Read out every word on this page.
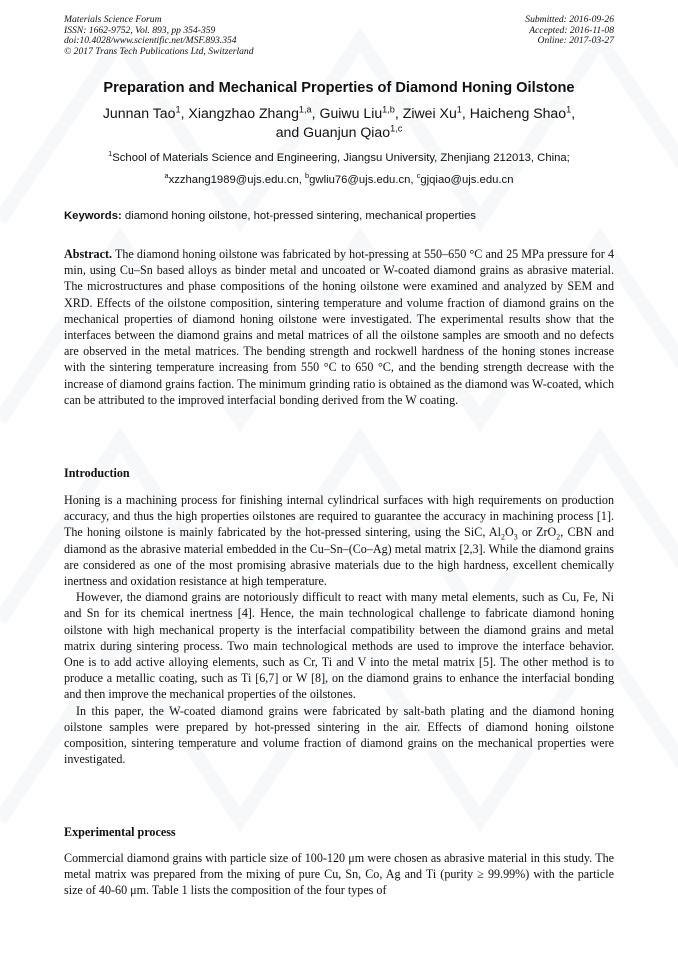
Materials Science Forum
ISSN: 1662-9752, Vol. 893, pp 354-359
doi:10.4028/www.scientific.net/MSF.893.354
© 2017 Trans Tech Publications Ltd, Switzerland
Submitted: 2016-09-26
Accepted: 2016-11-08
Online: 2017-03-27
Preparation and Mechanical Properties of Diamond Honing Oilstone
Junnan Tao$^1$, Xiangzhao Zhang$^{1,a}$, Guiwu Liu$^{1,b}$, Ziwei Xu$^1$, Haicheng Shao$^1$,
and Guanjun Qiao$^{1,c}$
$^1$School of Materials Science and Engineering, Jiangsu University, Zhenjiang 212013, China;
$^a$xzzhang1989@ujs.edu.cn, $^b$gwliu76@ujs.edu.cn, $^c$gjqiao@ujs.edu.cn
Keywords: diamond honing oilstone, hot-pressed sintering, mechanical properties

Abstract. The diamond honing oilstone was fabricated by hot-pressing at 550–650 °C and 25 MPa pressure for 4 min, using Cu–Sn based alloys as binder metal and uncoated or W-coated diamond grains as abrasive material. The microstructures and phase compositions of the honing oilstone were examined and analyzed by SEM and XRD. Effects of the oilstone composition, sintering temperature and volume fraction of diamond grains on the mechanical properties of diamond honing oilstone were investigated. The experimental results show that the interfaces between the diamond grains and metal matrices of all the oilstone samples are smooth and no defects are observed in the metal matrices. The bending strength and rockwell hardness of the honing stones increase with the sintering temperature increasing from 550 °C to 650 °C, and the bending strength decrease with the increase of diamond grains faction. The minimum grinding ratio is obtained as the diamond was W-coated, which can be attributed to the improved interfacial bonding derived from the W coating.

Introduction

Honing is a machining process for finishing internal cylindrical surfaces with high requirements on production accuracy, and thus the high properties oilstones are required to guarantee the accuracy in machining process [1]. The honing oilstone is mainly fabricated by the hot-pressed sintering, using the SiC, $Al_2O_3$ or ZrO$_2$, CBN and diamond as the abrasive material embedded in the Cu–Sn–(Co–Ag) metal matrix [2,3]. While the diamond grains are considered as one of the most promising abrasive materials due to the high hardness, excellent chemically inertness and oxidation resistance at high temperature.

However, the diamond grains are notoriously difficult to react with many metal elements, such as Cu, Fe, Ni and Sn for its chemical inertness [4]. Hence, the main technological challenge to fabricate diamond honing oilstone with high mechanical property is the interfacial compatibility between the diamond grains and metal matrix during sintering process. Two main technological methods are used to improve the interface behavior. One is to add active alloying elements, such as Cr, Ti and V into the metal matrix [5]. The other method is to produce a metallic coating, such as Ti [6,7] or W [8], on the diamond grains to enhance the interfacial bonding and then improve the mechanical properties of the oilstones.

In this paper, the W-coated diamond grains were fabricated by salt-bath plating and the diamond honing oilstone samples were prepared by hot-pressed sintering in the air. Effects of diamond honing oilstone composition, sintering temperature and volume fraction of diamond grains on the mechanical properties were investigated.

Experimental process

Commercial diamond grains with particle size of 100-120 μm were chosen as abrasive material in this study. The metal matrix was prepared from the mixing of pure Cu, Sn, Co, Ag and Ti (purity ≥ 99.99%) with the particle size of 40-60 μm. Table 1 lists the composition of the four types of
